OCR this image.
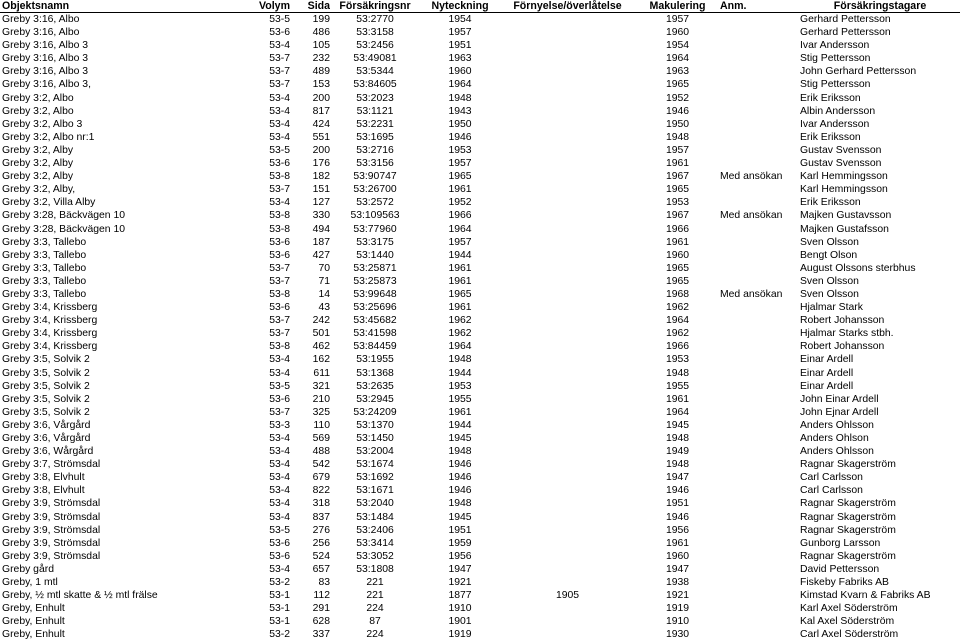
Objektsnamn	Volym	Sida	Försäkringsnr	Nyteckning	Förnyelse/överlåtelse	Makulering	Anm.	Försäkringstagare
Greby 3:16, Albo	53-5	199	53:2770	1954		1957		Gerhard Pettersson
Greby 3:16, Albo	53-6	486	53:3158	1957		1960		Gerhard Pettersson
Greby 3:16, Albo 3	53-4	105	53:2456	1951		1954		Ivar Andersson
Greby 3:16, Albo 3	53-7	232	53:49081	1963		1964		Stig Pettersson
Greby 3:16, Albo 3	53-7	489	53:5344	1960		1963		John Gerhard Pettersson
Greby 3:16, Albo 3,	53-7	153	53:84605	1964		1965		Stig Pettersson
Greby 3:2, Albo	53-4	200	53:2023	1948		1952		Erik Eriksson
Greby 3:2, Albo	53-4	817	53:1121	1943		1946		Albin Andersson
Greby 3:2, Albo 3	53-4	424	53:2231	1950		1950		Ivar Andersson
Greby 3:2, Albo nr:1	53-4	551	53:1695	1946		1948		Erik Eriksson
Greby 3:2, Alby	53-5	200	53:2716	1953		1957		Gustav Svensson
Greby 3:2, Alby	53-6	176	53:3156	1957		1961		Gustav Svensson
Greby 3:2, Alby	53-8	182	53:90747	1965		1967	Med ansökan	Karl Hemmingsson
Greby 3:2, Alby,	53-7	151	53:26700	1961		1965		Karl Hemmingsson
Greby 3:2, Villa Alby	53-4	127	53:2572	1952		1953		Erik Eriksson
Greby 3:28, Bäckvägen 10	53-8	330	53:109563	1966		1967	Med ansökan	Majken Gustavsson
Greby 3:28, Bäckvägen 10	53-8	494	53:77960	1964		1966		Majken Gustafsson
Greby 3:3, Tallebo	53-6	187	53:3175	1957		1961		Sven Olsson
Greby 3:3, Tallebo	53-6	427	53:1440	1944		1960		Bengt Olson
Greby 3:3, Tallebo	53-7	70	53:25871	1961		1965		August Olssons sterbhus
Greby 3:3, Tallebo	53-7	71	53:25873	1961		1965		Sven Olsson
Greby 3:3, Tallebo	53-8	14	53:99648	1965		1968	Med ansökan	Sven Olsson
Greby 3:4, Krissberg	53-6	43	53:25696	1961		1962		Hjalmar Stark
Greby 3:4, Krissberg	53-7	242	53:45682	1962		1964		Robert Johansson
Greby 3:4, Krissberg	53-7	501	53:41598	1962		1962		Hjalmar Starks stbh.
Greby 3:4, Krissberg	53-8	462	53:84459	1964		1966		Robert Johansson
Greby 3:5, Solvik 2	53-4	162	53:1955	1948		1953		Einar Ardell
Greby 3:5, Solvik 2	53-4	611	53:1368	1944		1948		Einar Ardell
Greby 3:5, Solvik 2	53-5	321	53:2635	1953		1955		Einar Ardell
Greby 3:5, Solvik 2	53-6	210	53:2945	1955		1961		John Einar Ardell
Greby 3:5, Solvik 2	53-7	325	53:24209	1961		1964		John Ejnar Ardell
Greby 3:6, Vårgård	53-3	110	53:1370	1944		1945		Anders Ohlsson
Greby 3:6, Vårgård	53-4	569	53:1450	1945		1948		Anders Ohlson
Greby 3:6, Wårgård	53-4	488	53:2004	1948		1949		Anders Ohlsson
Greby 3:7, Strömsdal	53-4	542	53:1674	1946		1948		Ragnar Skagerström
Greby 3:8, Elvhult	53-4	679	53:1692	1946		1947		Carl Carlsson
Greby 3:8, Elvhult	53-4	822	53:1671	1946		1946		Carl Carlsson
Greby 3:9, Strömsdal	53-4	318	53:2040	1948		1951		Ragnar Skagerström
Greby 3:9, Strömsdal	53-4	837	53:1484	1945		1946		Ragnar Skagerström
Greby 3:9, Strömsdal	53-5	276	53:2406	1951		1956		Ragnar Skagerström
Greby 3:9, Strömsdal	53-6	256	53:3414	1959		1961		Gunborg Larsson
Greby 3:9, Strömsdal	53-6	524	53:3052	1956		1960		Ragnar Skagerström
Greby gård	53-4	657	53:1808	1947		1947		David Pettersson
Greby, 1 mtl	53-2	83	221	1921		1938		Fiskeby Fabriks AB
Greby, ½ mtl skatte & ½ mtl frälse	53-1	112	221	1877	1905	1921		Kimstad Kvarn & Fabriks AB
Greby, Enhult	53-1	291	224	1910		1919		Karl Axel Söderström
Greby, Enhult	53-1	628	87	1901		1910		Kal Axel Söderström
Greby, Enhult	53-2	337	224	1919		1930		Carl Axel Söderström
